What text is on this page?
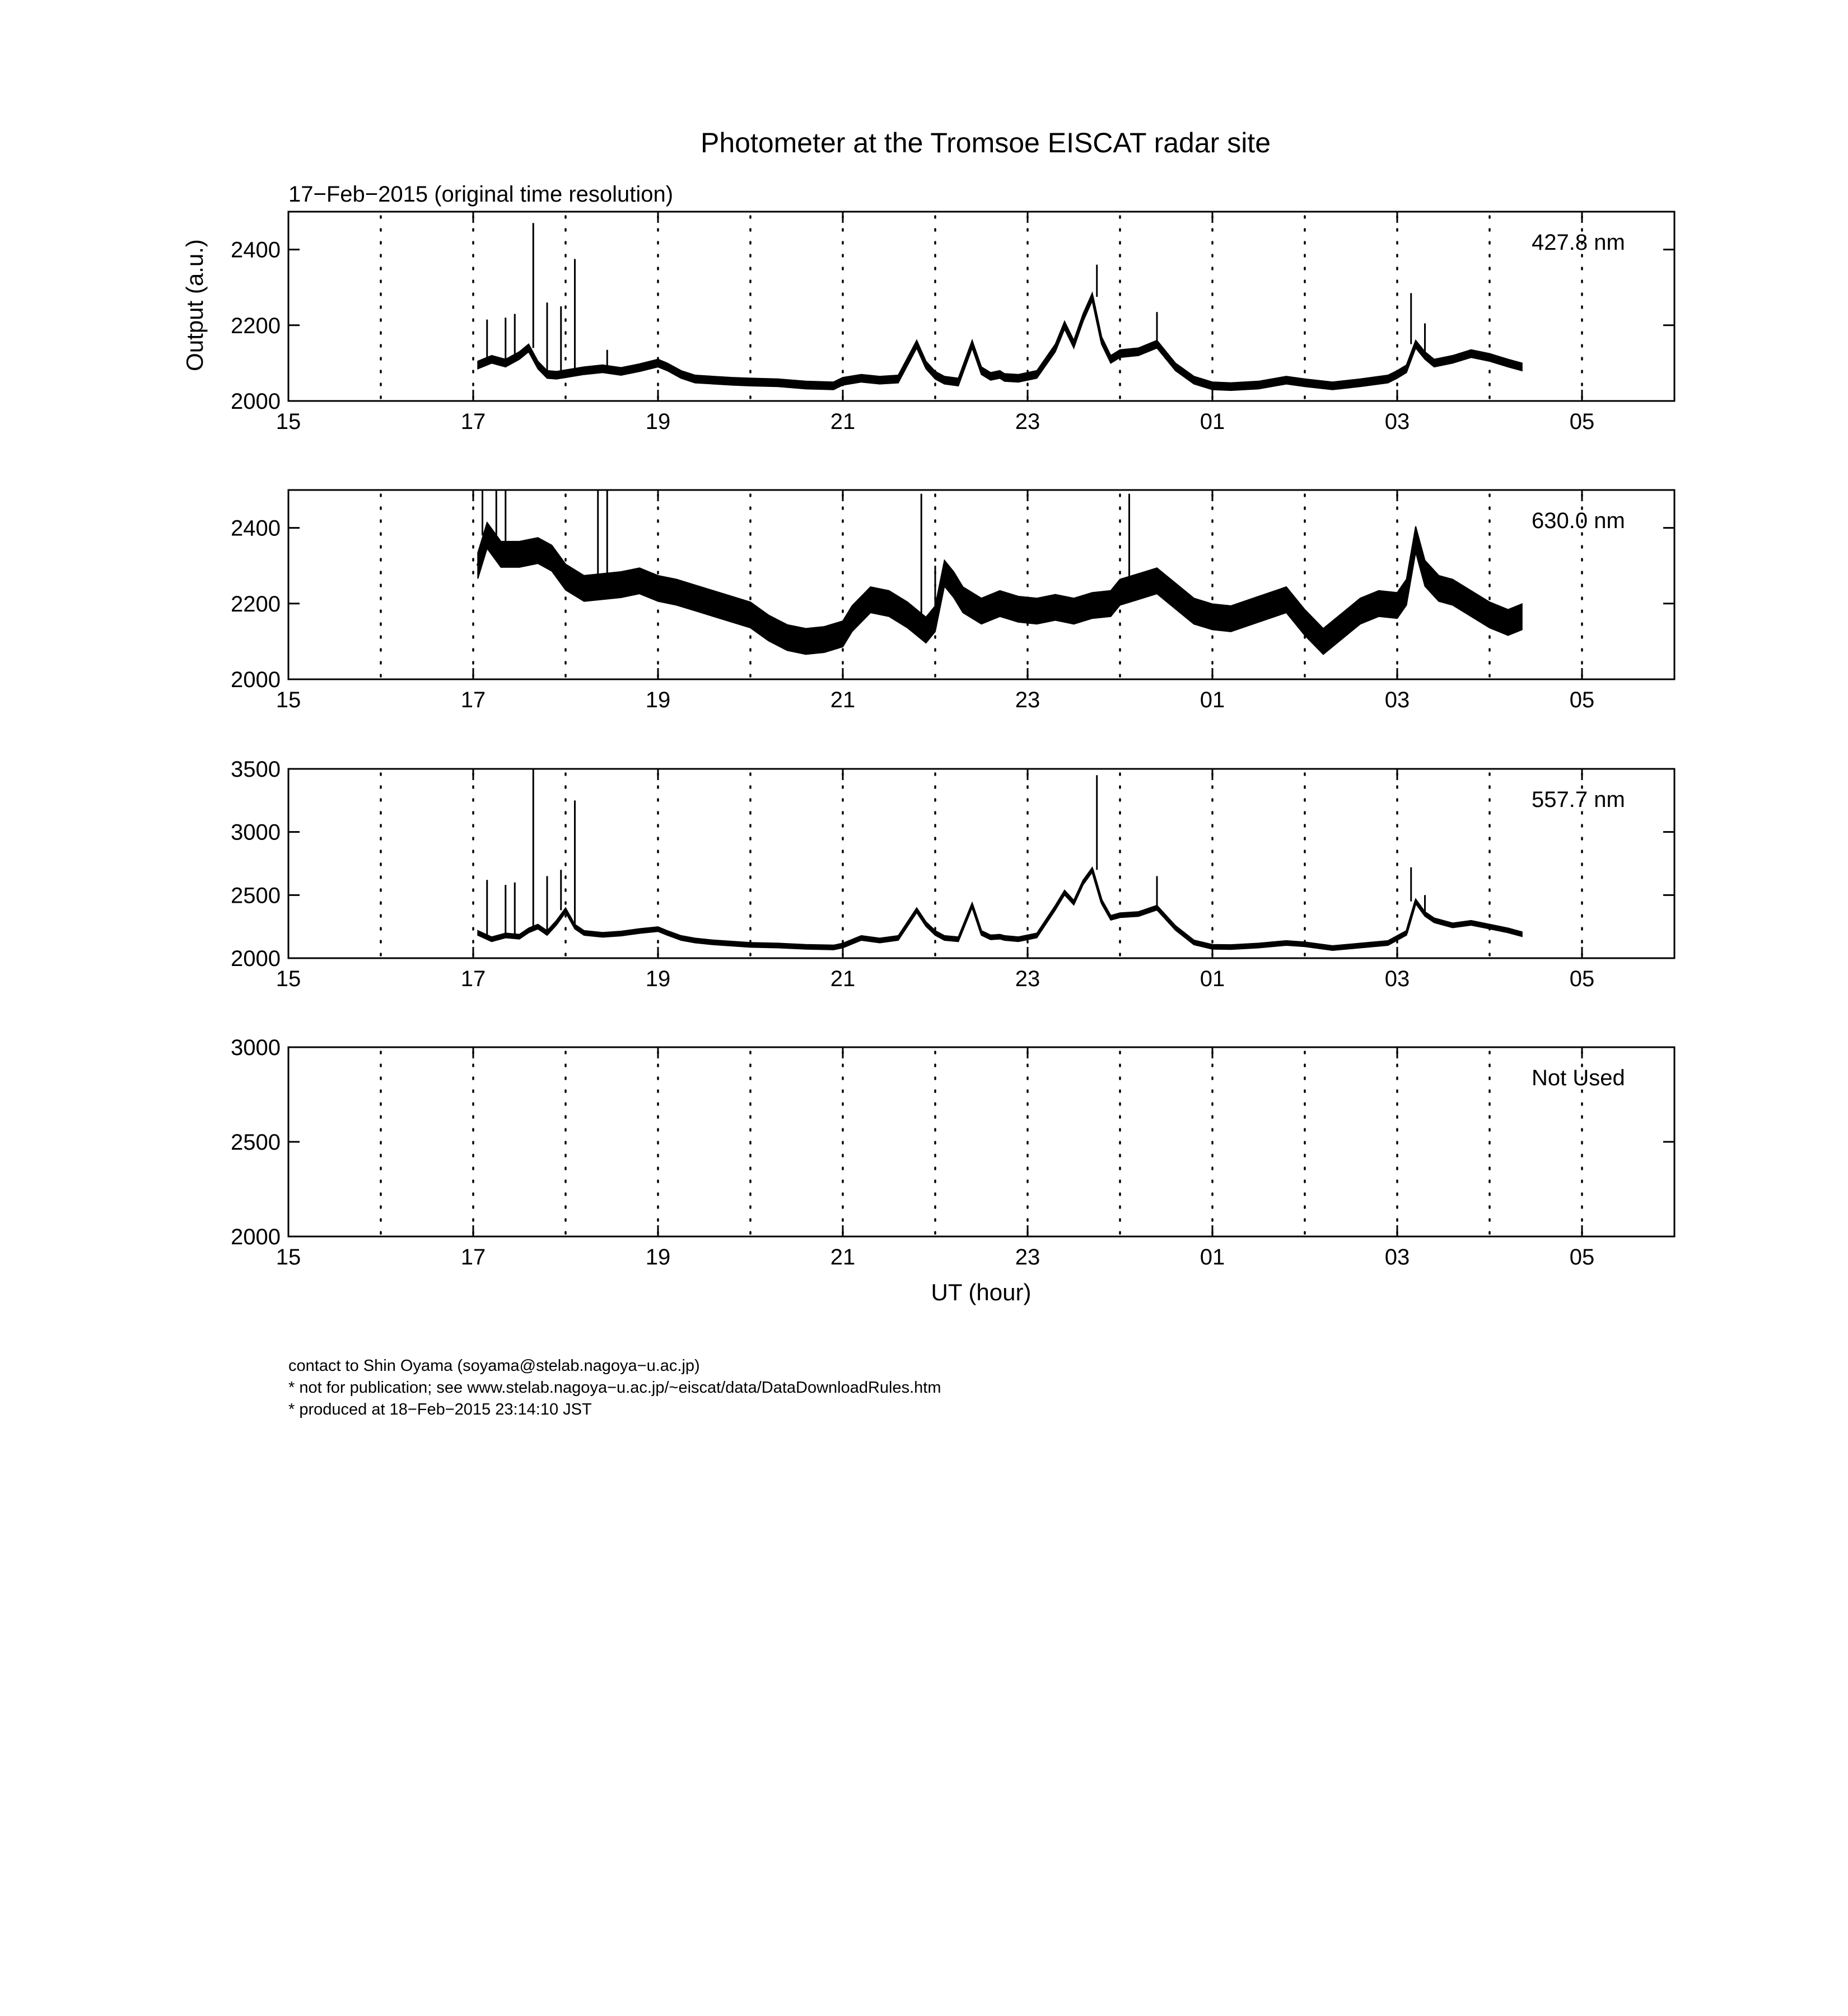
Photometer at the Tromsoe EISCAT radar site
17−Feb−2015 (original time resolution)
Output (a.u.)
2000
2200
2400
15	17	19	21	23	01	03	05
427.8 nm
2000
2200
2400
15	17	19	21	23	01	03	05
630.0 nm
2000
2500
3000
3500
15	17	19	21	23	01	03	05
557.7 nm
2000
2500
3000
15	17	19	21	23	01	03	05
Not Used
UT (hour)
contact to Shin Oyama (soyama@stelab.nagoya−u.ac.jp)
* not for publication; see www.stelab.nagoya−u.ac.jp/~eiscat/data/DataDownloadRules.htm
* produced at 18−Feb−2015 23:14:10 JST
